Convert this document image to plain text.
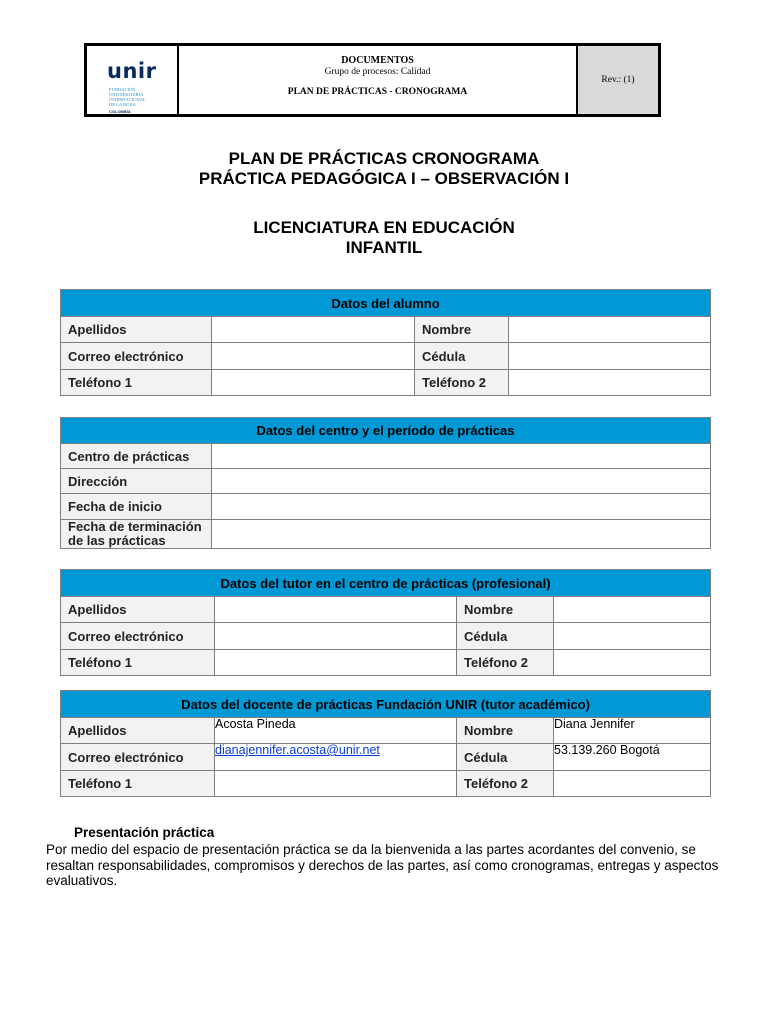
unir
FUNDACIÓN
UNIVERSITARIA
INTERNACIONAL
DE LA RIOJA
COLOMBIA
DOCUMENTOS
Grupo de procesos: Calidad
PLAN DE PRÁCTICAS - CRONOGRAMA
Rev.: (1)
PLAN DE PRÁCTICAS CRONOGRAMA
PRÁCTICA PEDAGÓGICA I – OBSERVACIÓN I
LICENCIATURA EN EDUCACIÓN
INFANTIL
Datos del alumno			
Apellidos		Nombre	
Correo electrónico		Cédula	
Teléfono 1		Teléfono 2	
Datos del centro y el período de prácticas	
Centro de prácticas	
Dirección	
Fecha de inicio	

Fecha de terminación
de las prácticas	

Datos del tutor en el centro de prácticas (profesional)			
Apellidos		Nombre	
Correo electrónico		Cédula	
Teléfono 1		Teléfono 2	
Datos del docente de prácticas Fundación UNIR (tutor académico)			
Apellidos	Acosta Pineda	Nombre	Diana Jennifer
Correo electrónico	dianajennifer.acosta@unir.net	Cédula	53.139.260 Bogotá
Teléfono 1		Teléfono 2	
Presentación práctica
Por medio del espacio de presentación práctica se da la bienvenida a las partes acordantes del convenio, se resaltan responsabilidades, compromisos y derechos de las partes, así como cronogramas, entregas y aspectos evaluativos.
